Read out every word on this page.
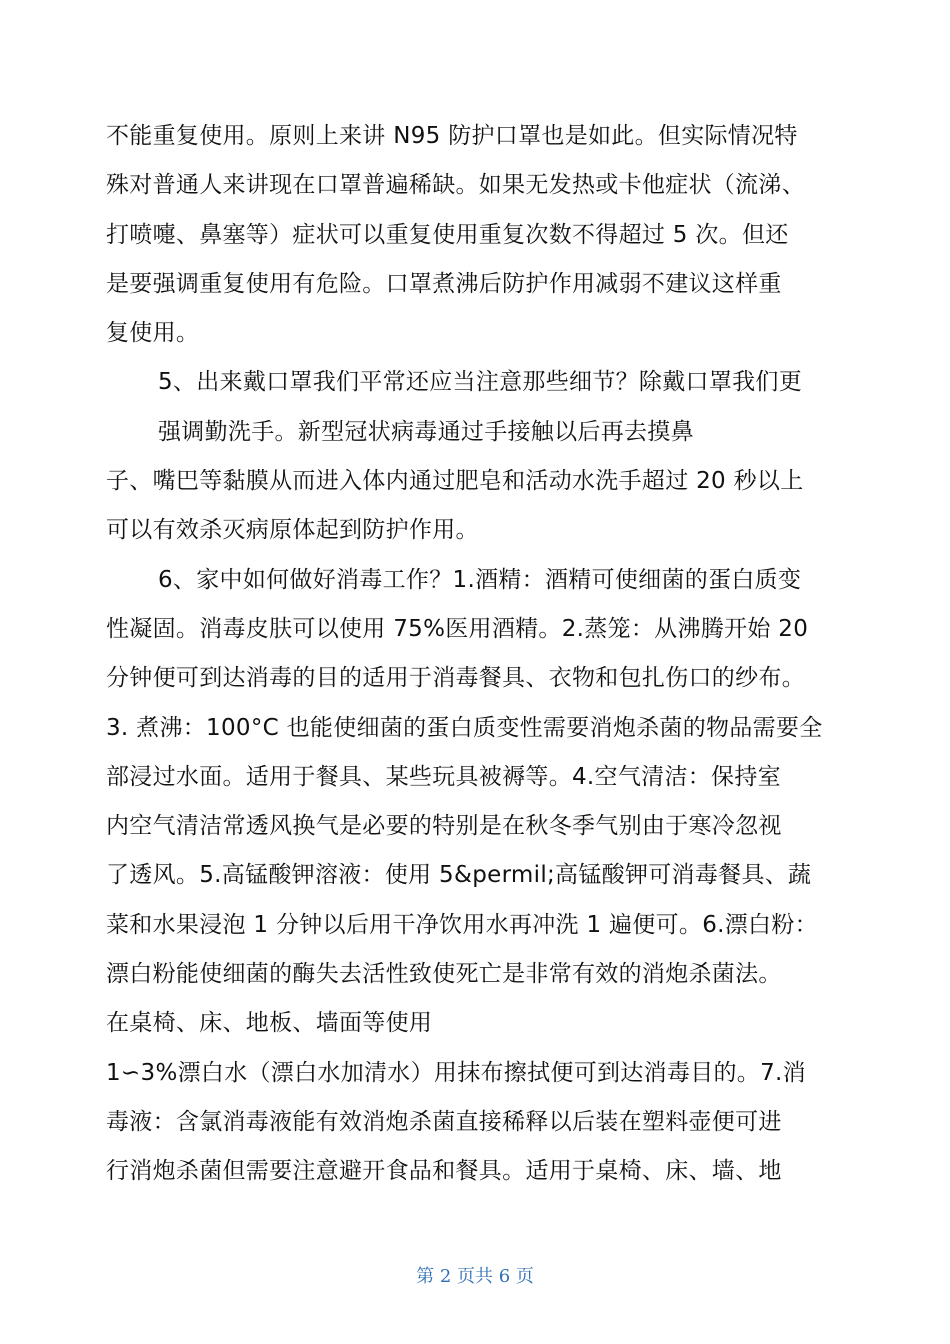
不能重复使用。原则上来讲 N95 防护口罩也是如此。但实际情况特
殊对普通人来讲现在口罩普遍稀缺。如果无发热或卡他症状（流涕、
打喷嚏、鼻塞等）症状可以重复使用重复次数不得超过 5 次。但还
是要强调重复使用有危险。口罩煮沸后防护作用减弱不建议这样重
复使用。
5、出来戴口罩我们平常还应当注意那些细节？除戴口罩我们更
强调勤洗手。新型冠状病毒通过手接触以后再去摸鼻
子、嘴巴等黏膜从而进入体内通过肥皂和活动水洗手超过 20 秒以上
可以有效杀灭病原体起到防护作用。
6、家中如何做好消毒工作？1.酒精：酒精可使细菌的蛋白质变
性凝固。消毒皮肤可以使用 75%医用酒精。2.蒸笼：从沸腾开始 20
分钟便可到达消毒的目的适用于消毒餐具、衣物和包扎伤口的纱布。
3. 煮沸：100°C 也能使细菌的蛋白质变性需要消炮杀菌的物品需要全
部浸过水面。适用于餐具、某些玩具被褥等。4.空气清洁：保持室
内空气清洁常透风换气是必要的特别是在秋冬季气别由于寒冷忽视
了透风。5.高锰酸钾溶液：使用 5&permil;高锰酸钾可消毒餐具、蔬
菜和水果浸泡 1 分钟以后用干净饮用水再冲洗 1 遍便可。6.漂白粉：
漂白粉能使细菌的酶失去活性致使死亡是非常有效的消炮杀菌法。
在桌椅、床、地板、墙面等使用
1∽3%漂白水（漂白水加清水）用抹布擦拭便可到达消毒目的。7.消
毒液：含氯消毒液能有效消炮杀菌直接稀释以后装在塑料壶便可进
行消炮杀菌但需要注意避开食品和餐具。适用于桌椅、床、墙、地
第 2 页共 6 页
